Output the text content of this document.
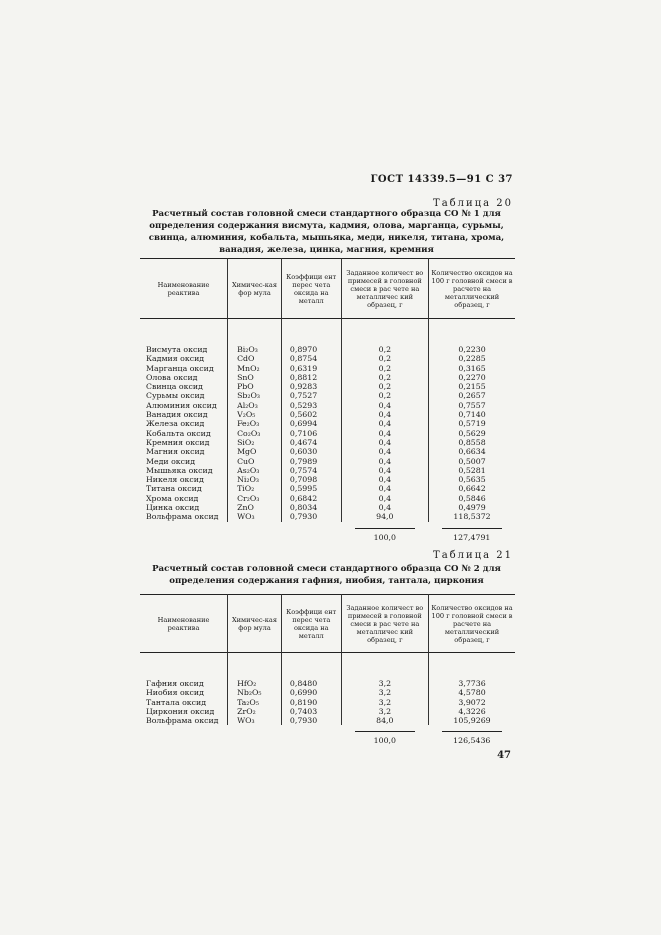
ГОСТ 14339.5—91 С 37
Таблица 20
Расчетный состав головной смеси стандартного образца СО № 1 для определения содержания висмута, кадмия, олова, марганца, сурьмы, свинца, алюминия, кобальта, мышьяка, меди, никеля, титана, хрома, ванадия, железа, цинка, магния, кремния
Наименование реактива	Химичес-кая фор мула	Коэффици ент перес чета оксида на металл	Заданное количест во примесей в головной смеси в рас чете на металличес кий образец, г	Количество оксидов на 100 г головной смеси в расчете на металлический образец, г

Висмута оксид	Bi₂O₃	0,8970	0,2	0,2230
Кадмия оксид	CdO	0,8754	0,2	0,2285
Марганца оксид	MnO₂	0,6319	0,2	0,3165
Олова оксид	SnO	0,8812	0,2	0,2270
Свинца оксид	PbO	0,9283	0,2	0,2155
Сурьмы оксид	Sb₂O₃	0,7527	0,2	0,2657
Алюминия оксид	Al₂O₃	0,5293	0,4	0,7557
Ванадия оксид	V₂O₅	0,5602	0,4	0,7140
Железа оксид	Fe₂O₃	0,6994	0,4	0,5719
Кобальта оксид	Co₂O₃	0,7106	0,4	0,5629
Кремния оксид	SiO₂	0,4674	0,4	0,8558
Магния оксид	MgO	0,6030	0,4	0,6634
Меди оксид	CuO	0,7989	0,4	0,5007
Мышьяка оксид	As₂O₃	0,7574	0,4	0,5281
Никеля оксид	Ni₂O₃	0,7098	0,4	0,5635
Титана оксид	TiO₂	0,5995	0,4	0,6642
Хрома оксид	Cr₂O₃	0,6842	0,4	0,5846
Цинка оксид	ZnO	0,8034	0,4	0,4979
Вольфрама оксид	WO₃	0,7930	94,0	118,5372
			100,0	127,4791
Таблица 21
Расчетный состав головной смеси стандартного образца СО № 2 для определения содержания гафния, ниобия, тантала, циркония
Наименование реактива	Химичес-кая фор мула	Коэффици ент перес чета оксида на металл	Заданное количест во примесей в головной смеси в рас чете на металличес кий образец, г	Количество оксидов на 100 г головной смеси в расчете на металлический образец, г

Гафния оксид	HfO₂	0,8480	3,2	3,7736
Ниобия оксид	Nb₂O₅	0,6990	3,2	4,5780
Тантала оксид	Ta₂O₅	0,8190	3,2	3,9072
Циркония оксид	ZrO₂	0,7403	3,2	4,3226
Вольфрама оксид	WO₃	0,7930	84,0	105,9269
			100,0	126,5436
47
